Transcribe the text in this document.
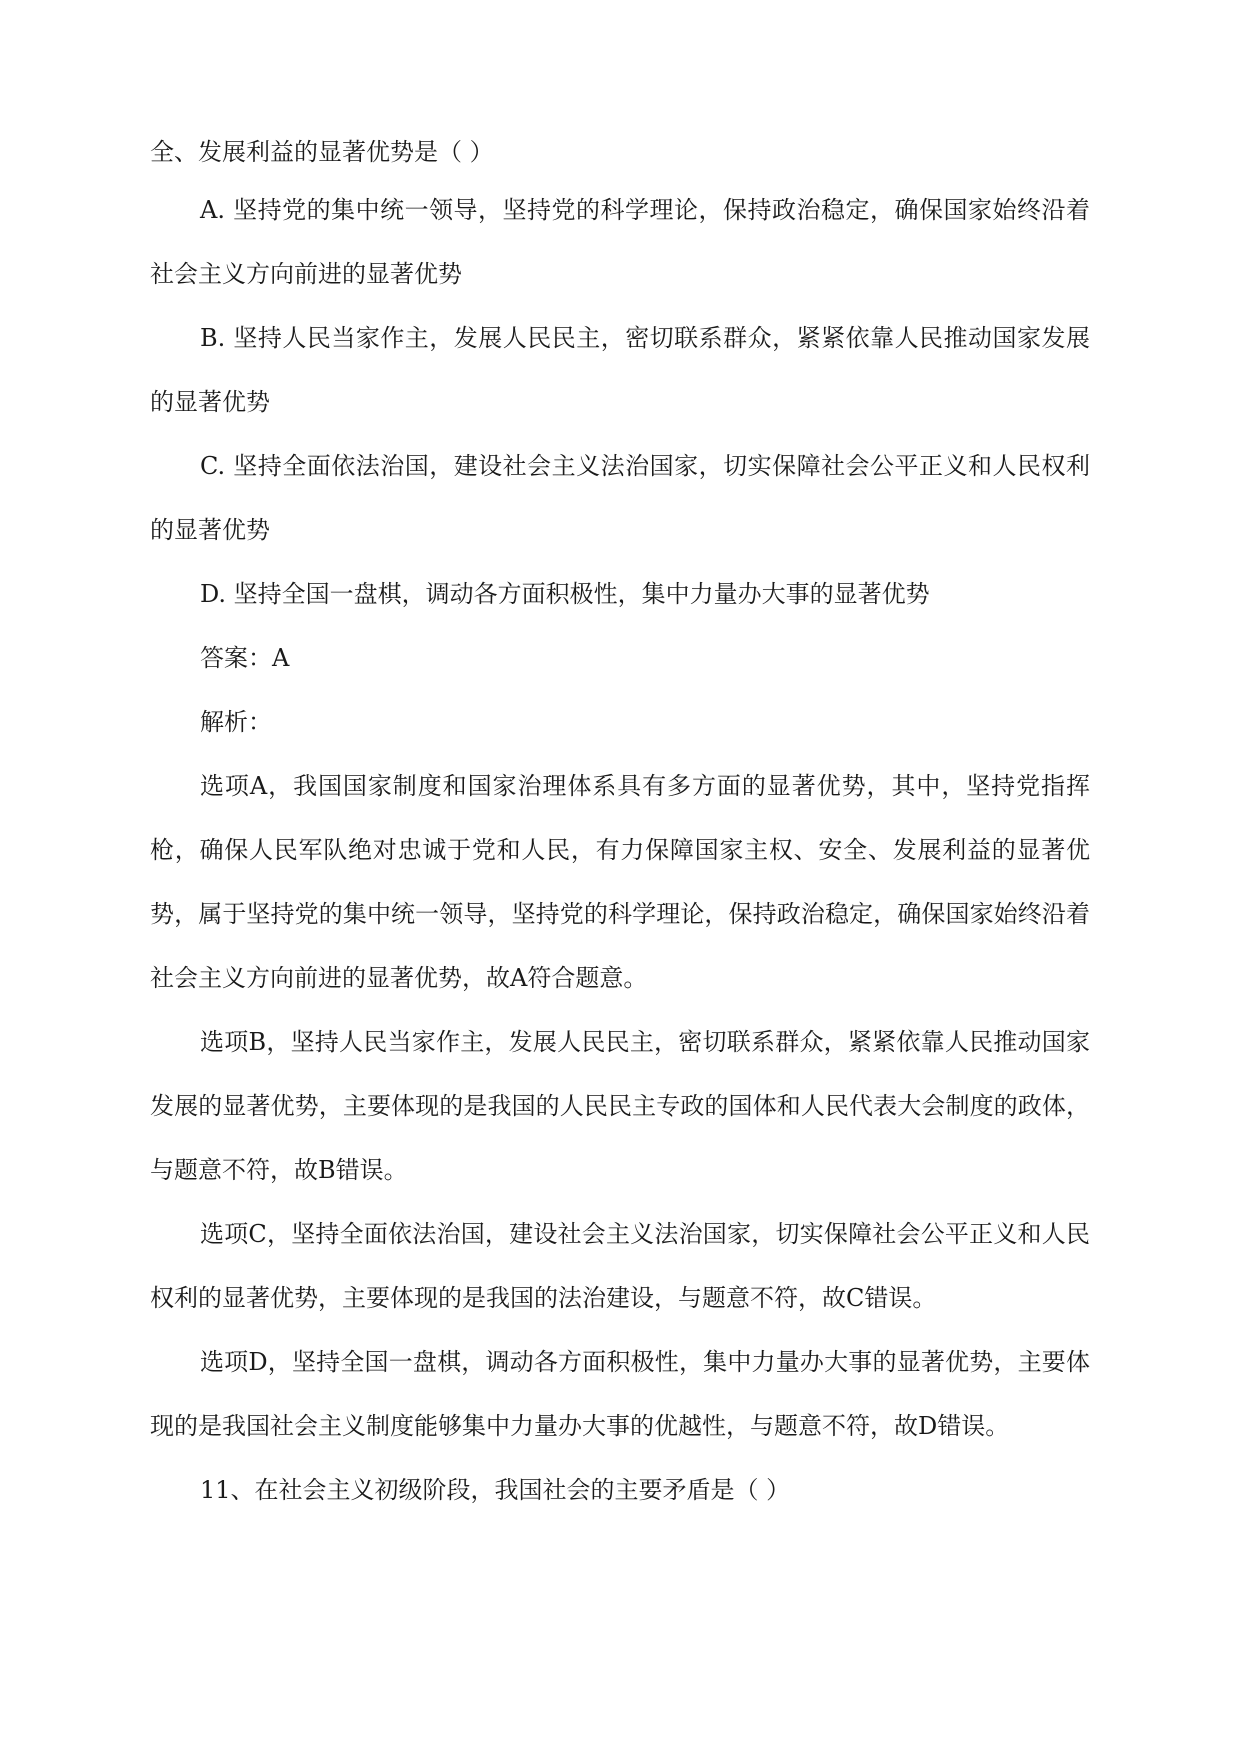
全、发展利益的显著优势是（ ）

A. 坚持党的集中统一领导，坚持党的科学理论，保持政治稳定，确保国家始终沿着社会主义方向前进的显著优势

B. 坚持人民当家作主，发展人民民主，密切联系群众，紧紧依靠人民推动国家发展的显著优势

C. 坚持全面依法治国，建设社会主义法治国家，切实保障社会公平正义和人民权利的显著优势

D. 坚持全国一盘棋，调动各方面积极性，集中力量办大事的显著优势

答案：A

解析：

选项A，我国国家制度和国家治理体系具有多方面的显著优势，其中，坚持党指挥枪，确保人民军队绝对忠诚于党和人民，有力保障国家主权、安全、发展利益的显著优势，属于坚持党的集中统一领导，坚持党的科学理论，保持政治稳定，确保国家始终沿着社会主义方向前进的显著优势，故A符合题意。

选项B，坚持人民当家作主，发展人民民主，密切联系群众，紧紧依靠人民推动国家发展的显著优势，主要体现的是我国的人民民主专政的国体和人民代表大会制度的政体，与题意不符，故B错误。

选项C，坚持全面依法治国，建设社会主义法治国家，切实保障社会公平正义和人民权利的显著优势，主要体现的是我国的法治建设，与题意不符，故C错误。

选项D，坚持全国一盘棋，调动各方面积极性，集中力量办大事的显著优势，主要体现的是我国社会主义制度能够集中力量办大事的优越性，与题意不符，故D错误。

11、在社会主义初级阶段，我国社会的主要矛盾是（ ）
